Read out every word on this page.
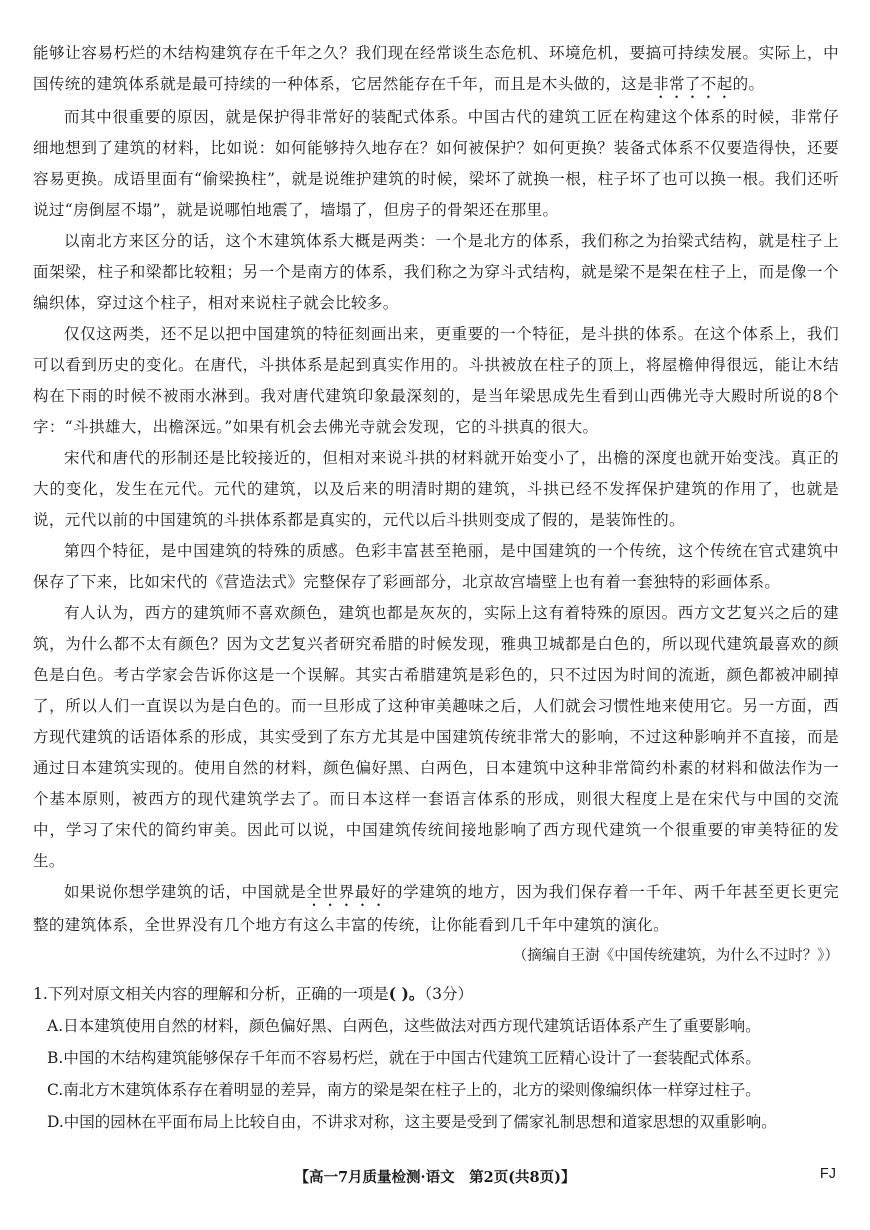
能够让容易朽烂的木结构建筑存在千年之久？我们现在经常谈生态危机、环境危机，要搞可持续发展。实际上，中国传统的建筑体系就是最可持续的一种体系，它居然能存在千年，而且是木头做的，这是非常了不起的。

而其中很重要的原因，就是保护得非常好的装配式体系。中国古代的建筑工匠在构建这个体系的时候，非常仔细地想到了建筑的材料，比如说：如何能够持久地存在？如何被保护？如何更换？装备式体系不仅要造得快，还要容易更换。成语里面有“偷梁换柱”，就是说维护建筑的时候，梁坏了就换一根，柱子坏了也可以换一根。我们还听说过“房倒屋不塌”，就是说哪怕地震了，墙塌了，但房子的骨架还在那里。

以南北方来区分的话，这个木建筑体系大概是两类：一个是北方的体系，我们称之为抬梁式结构，就是柱子上面架梁，柱子和梁都比较粗；另一个是南方的体系，我们称之为穿斗式结构，就是梁不是架在柱子上，而是像一个编织体，穿过这个柱子，相对来说柱子就会比较多。

仅仅这两类，还不足以把中国建筑的特征刻画出来，更重要的一个特征，是斗拱的体系。在这个体系上，我们可以看到历史的变化。在唐代，斗拱体系是起到真实作用的。斗拱被放在柱子的顶上，将屋檐伸得很远，能让木结构在下雨的时候不被雨水淋到。我对唐代建筑印象最深刻的，是当年梁思成先生看到山西佛光寺大殿时所说的8个字：“斗拱雄大，出檐深远。”如果有机会去佛光寺就会发现，它的斗拱真的很大。

宋代和唐代的形制还是比较接近的，但相对来说斗拱的材料就开始变小了，出檐的深度也就开始变浅。真正的大的变化，发生在元代。元代的建筑，以及后来的明清时期的建筑，斗拱已经不发挥保护建筑的作用了，也就是说，元代以前的中国建筑的斗拱体系都是真实的，元代以后斗拱则变成了假的，是装饰性的。

第四个特征，是中国建筑的特殊的质感。色彩丰富甚至艳丽，是中国建筑的一个传统，这个传统在官式建筑中保存了下来，比如宋代的《营造法式》完整保存了彩画部分，北京故宫墙壁上也有着一套独特的彩画体系。

有人认为，西方的建筑师不喜欢颜色，建筑也都是灰灰的，实际上这有着特殊的原因。西方文艺复兴之后的建筑，为什么都不太有颜色？因为文艺复兴者研究希腊的时候发现，雅典卫城都是白色的，所以现代建筑最喜欢的颜色是白色。考古学家会告诉你这是一个误解。其实古希腊建筑是彩色的，只不过因为时间的流逝，颜色都被冲刷掉了，所以人们一直误以为是白色的。而一旦形成了这种审美趣味之后，人们就会习惯性地来使用它。另一方面，西方现代建筑的话语体系的形成，其实受到了东方尤其是中国建筑传统非常大的影响，不过这种影响并不直接，而是通过日本建筑实现的。使用自然的材料，颜色偏好黑、白两色，日本建筑中这种非常简约朴素的材料和做法作为一个基本原则，被西方的现代建筑学去了。而日本这样一套语言体系的形成，则很大程度上是在宋代与中国的交流中，学习了宋代的简约审美。因此可以说，中国建筑传统间接地影响了西方现代建筑一个很重要的审美特征的发生。

如果说你想学建筑的话，中国就是全世界最好的学建筑的地方，因为我们保存着一千年、两千年甚至更长更完整的建筑体系，全世界没有几个地方有这么丰富的传统，让你能看到几千年中建筑的演化。

（摘编自王澍《中国传统建筑，为什么不过时？》）

1.下列对原文相关内容的理解和分析，正确的一项是( )。（3分）

A.日本建筑使用自然的材料，颜色偏好黑、白两色，这些做法对西方现代建筑话语体系产生了重要影响。

B.中国的木结构建筑能够保存千年而不容易朽烂，就在于中国古代建筑工匠精心设计了一套装配式体系。

C.南北方木建筑体系存在着明显的差异，南方的梁是架在柱子上的，北方的梁则像编织体一样穿过柱子。

D.中国的园林在平面布局上比较自由，不讲求对称，这主要是受到了儒家礼制思想和道家思想的双重影响。

【高一7月质量检测·语文　第2页(共8页)】	FJ
